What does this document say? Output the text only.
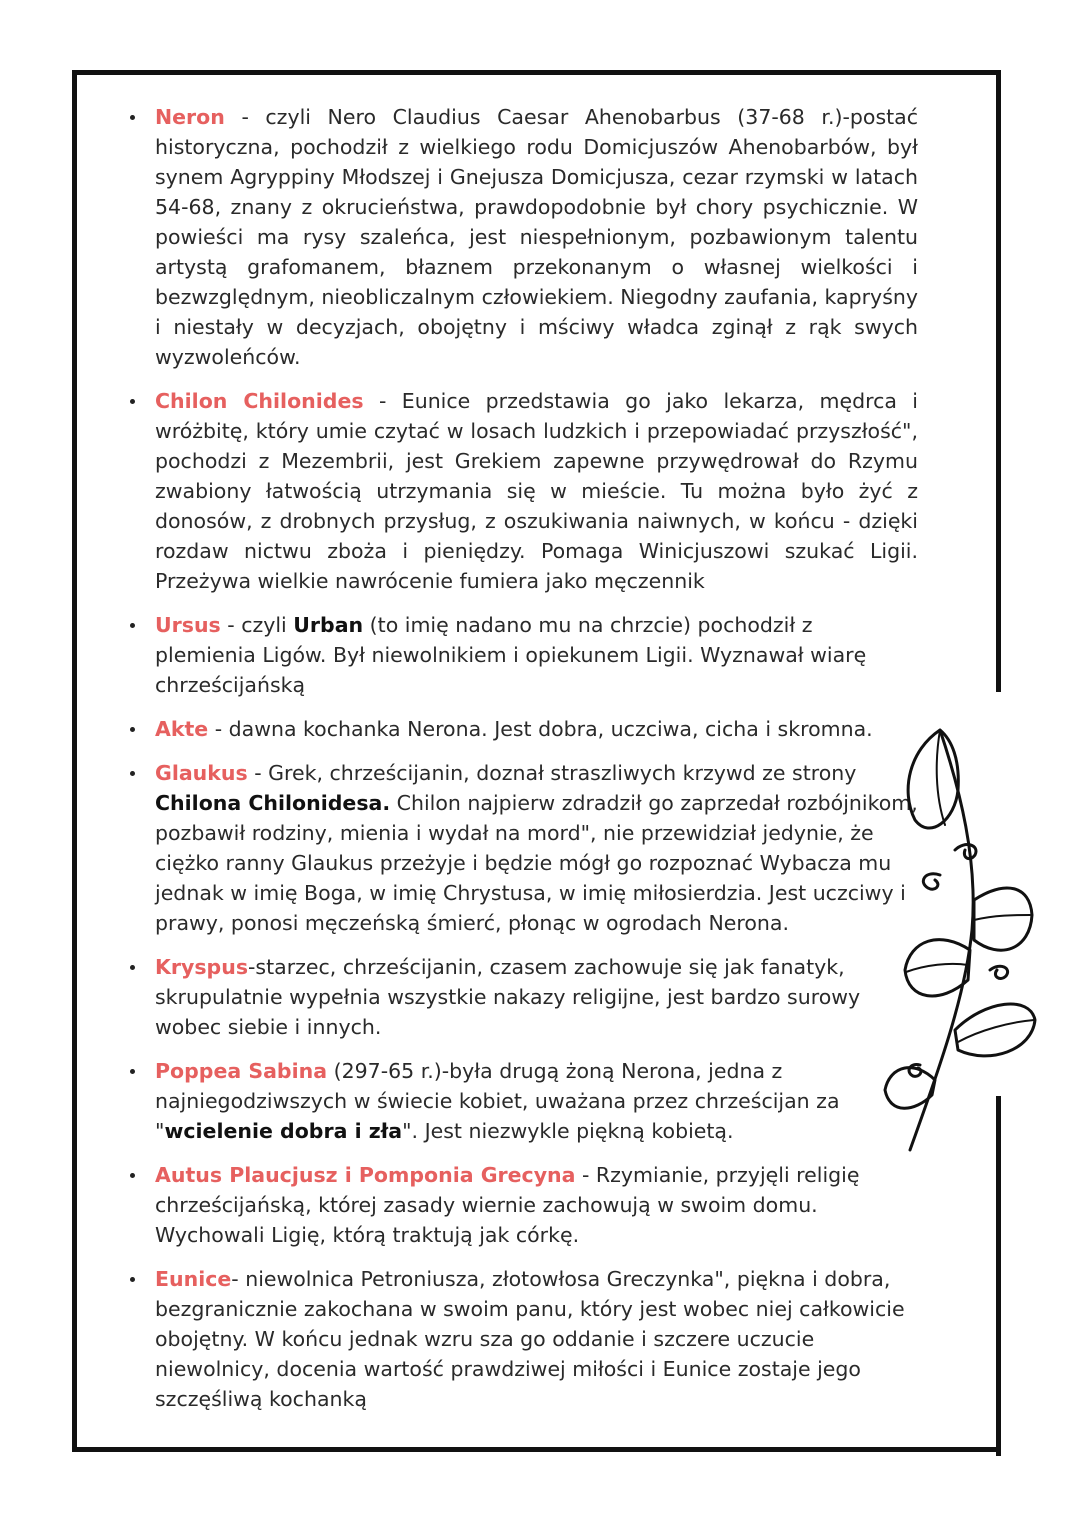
Neron - czyli Nero Claudius Caesar Ahenobarbus (37-68 r.)-postać historyczna, pochodził z wielkiego rodu Domicjuszów Ahenobarbów, był synem Agryppiny Młodszej i Gnejusza Domicjusza, cezar rzymski w latach 54-68, znany z okrucieństwa, prawdopodobnie był chory psychicznie. W powieści ma rysy szaleńca, jest niespełnionym, pozbawionym talentu artystą grafomanem, błaznem przekonanym o własnej wielkości i bezwzględnym, nieobliczalnym człowiekiem. Niegodny zaufania, kapryśny i niestały w decyzjach, obojętny i mściwy władca zginął z rąk swych wyzwoleńców.
Chilon Chilonides - Eunice przedstawia go jako lekarza, mędrca i wróżbitę, który umie czytać w losach ludzkich i przepowiadać przyszłość", pochodzi z Mezembrii, jest Grekiem zapewne przywędrował do Rzymu zwabiony łatwością utrzymania się w mieście. Tu można było żyć z donosów, z drobnych przysług, z oszukiwania naiwnych, w końcu - dzięki rozdaw nictwu zboża i pieniędzy. Pomaga Winicjuszowi szukać Ligii. Przeżywa wielkie nawrócenie fumiera jako męczennik
Ursus - czyli Urban (to imię nadano mu na chrzcie) pochodził z plemienia Ligów. Był niewolnikiem i opiekunem Ligii. Wyznawał wiarę chrześcijańską
Akte - dawna kochanka Nerona. Jest dobra, uczciwa, cicha i skromna.
Glaukus - Grek, chrześcijanin, doznał straszliwych krzywd ze strony Chilona Chilonidesa. Chilon najpierw zdradził go zaprzedał rozbójnikom, pozbawił rodziny, mienia i wydał na mord", nie przewidział jedynie, że ciężko ranny Glaukus przeżyje i będzie mógł go rozpoznać Wybacza mu jednak w imię Boga, w imię Chrystusa, w imię miłosierdzia. Jest uczciwy i prawy, ponosi męczeńską śmierć, płonąc w ogrodach Nerona.
Kryspus-starzec, chrześcijanin, czasem zachowuje się jak fanatyk, skrupulatnie wypełnia wszystkie nakazy religijne, jest bardzo surowy wobec siebie i innych.
Poppea Sabina (297-65 r.)-była drugą żoną Nerona, jedna z najniegodziwszych w świecie kobiet, uważana przez chrześcijan za "wcielenie dobra i zła". Jest niezwykle piękną kobietą.
Autus Plaucjusz i Pomponia Grecyna - Rzymianie, przyjęli religię chrześcijańską, której zasady wiernie zachowują w swoim domu. Wychowali Ligię, którą traktują jak córkę.
Eunice- niewolnica Petroniusza, złotowłosa Greczynka", piękna i dobra, bezgranicznie zakochana w swoim panu, który jest wobec niej całkowicie obojętny. W końcu jednak wzru sza go oddanie i szczere uczucie niewolnicy, docenia wartość prawdziwej miłości i Eunice zostaje jego szczęśliwą kochanką
